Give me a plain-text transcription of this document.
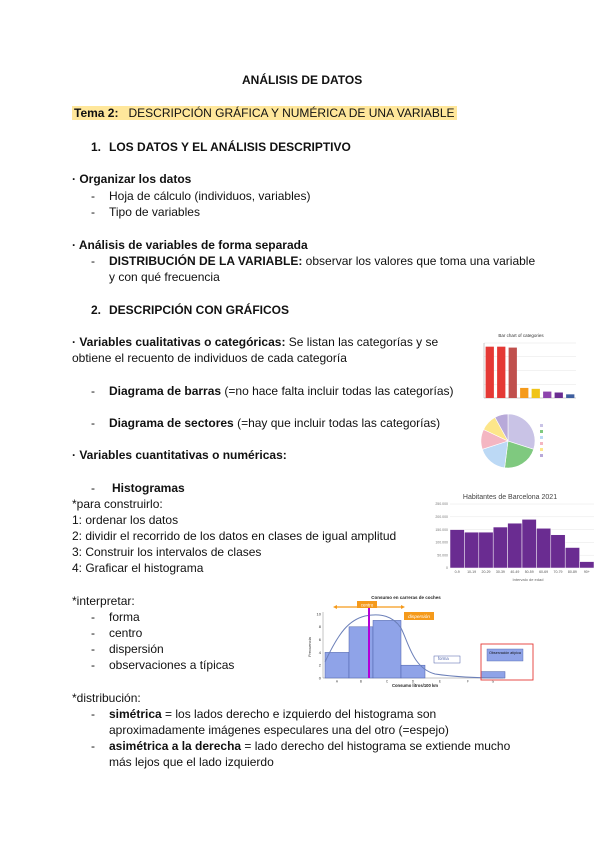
ANÁLISIS DE DATOS
Tema 2: DESCRIPCIÓN GRÁFICA Y NUMÉRICA DE UNA VARIABLE
1. LOS DATOS Y EL ANÁLISIS DESCRIPTIVO
· Organizar los datos
- Hoja de cálculo (individuos, variables)
- Tipo de variables
· Análisis de variables de forma separada
- DISTRIBUCIÓN DE LA VARIABLE: observar los valores que toma una variable
y con qué frecuencia
2. DESCRIPCIÓN CON GRÁFICOS
· Variables cualitativas o categóricas: Se listan las categorías y se
obtiene el recuento de individuos de cada categoría
- Diagrama de barras (=no hace falta incluir todas las categorías)
- Diagrama de sectores (=hay que incluir todas las categorías)
· Variables cuantitativas o numéricas:
- Histogramas
*para construirlo:
1: ordenar los datos
2: dividir el recorrido de los datos en clases de igual amplitud
3: Construir los intervalos de clases
4: Graficar el histograma
*interpretar:
- forma
- centro
- dispersión
- observaciones a típicas
*distribución:
- simétrica = los lados derecho e izquierdo del histograma son
aproximadamente imágenes especulares una del otro (=espejo)
- asimétrica a la derecha = lado derecho del histograma se extiende mucho
más lejos que el lado izquierdo
Bar chart of categories
Habitantes de Barcelona 2021
0
50.000
100.000
150.000
200.000
250.000
0-9 10-19 20-29 30-39 40-49 50-59 60-69 70-79 80-89 90+
Intervalo de edad
Consumo en carreras de coches
Frecuencia
0
2
4
6
8
10
A	B	C	D	E	F	G
Consumo litros/100 km
centro
dispersión
forma
Observación atípica
